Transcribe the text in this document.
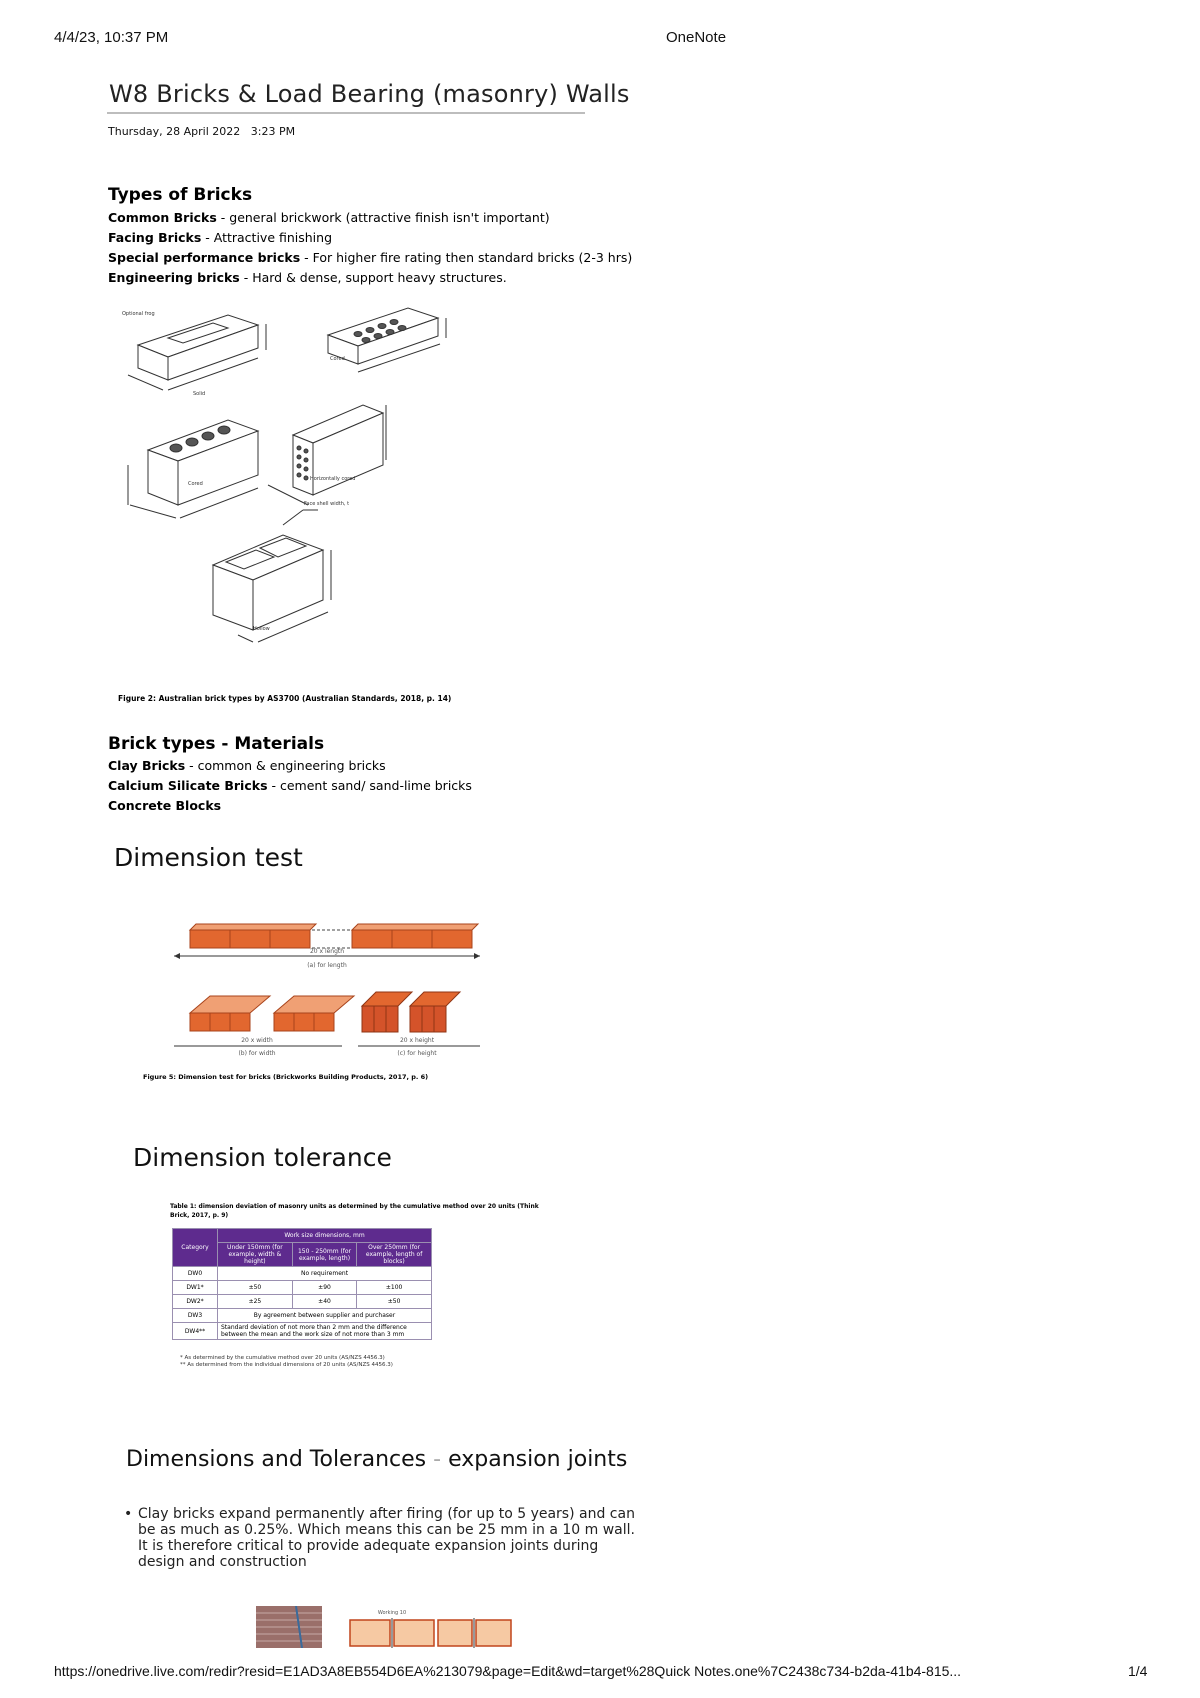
4/4/23, 10:37 PM	OneNote
W8 Bricks & Load Bearing (masonry) Walls
Thursday, 28 April 2022 3:23 PM
Types of Bricks
Common Bricks - general brickwork (attractive finish isn't important)
Facing Bricks - Attractive finishing
Special performance bricks - For higher fire rating then standard bricks (2-3 hrs)
Engineering bricks - Hard & dense, support heavy structures.
Optional frog
Solid
Cored
Cored
Horizontally cored
Face shell width, t
Hollow
Figure 2: Australian brick types by AS3700 (Australian Standards, 2018, p. 14)
Brick types - Materials
Clay Bricks - common & engineering bricks
Calcium Silicate Bricks - cement sand/ sand-lime bricks
Concrete Blocks
Dimension test
20 x length
(a) for length
20 x width
(b) for width
20 x height
(c) for height
Figure 5: Dimension test for bricks (Brickworks Building Products, 2017, p. 6)
Dimension tolerance
Table 1: dimension deviation of masonry units as determined by the cumulative method over 20 units (Think Brick, 2017, p. 9)
Category	Work size dimensions, mm		
	Under 150mm (for example, width & height)	150 - 250mm (for example, length)	Over 250mm (for example, length of blocks)
DW0	No requirement		
DW1*	±50	±90	±100
DW2*	±25	±40	±50
DW3	By agreement between supplier and purchaser		
DW4**	Standard deviation of not more than 2 mm and the difference between the mean and the work size of not more than 3 mm		
* As determined by the cumulative method over 20 units (AS/NZS 4456.3)
** As determined from the individual dimensions of 20 units (AS/NZS 4456.3)
Dimensions and Tolerances - expansion joints
• Clay bricks expand permanently after firing (for up to 5 years) and can be as much as 0.25%. Which means this can be 25 mm in a 10 m wall. It is therefore critical to provide adequate expansion joints during design and construction
Working 10
https://onedrive.live.com/redir?resid=E1AD3A8EB554D6EA%213079&page=Edit&wd=target%28Quick Notes.one%7C2438c734-b2da-41b4-815...	1/4
